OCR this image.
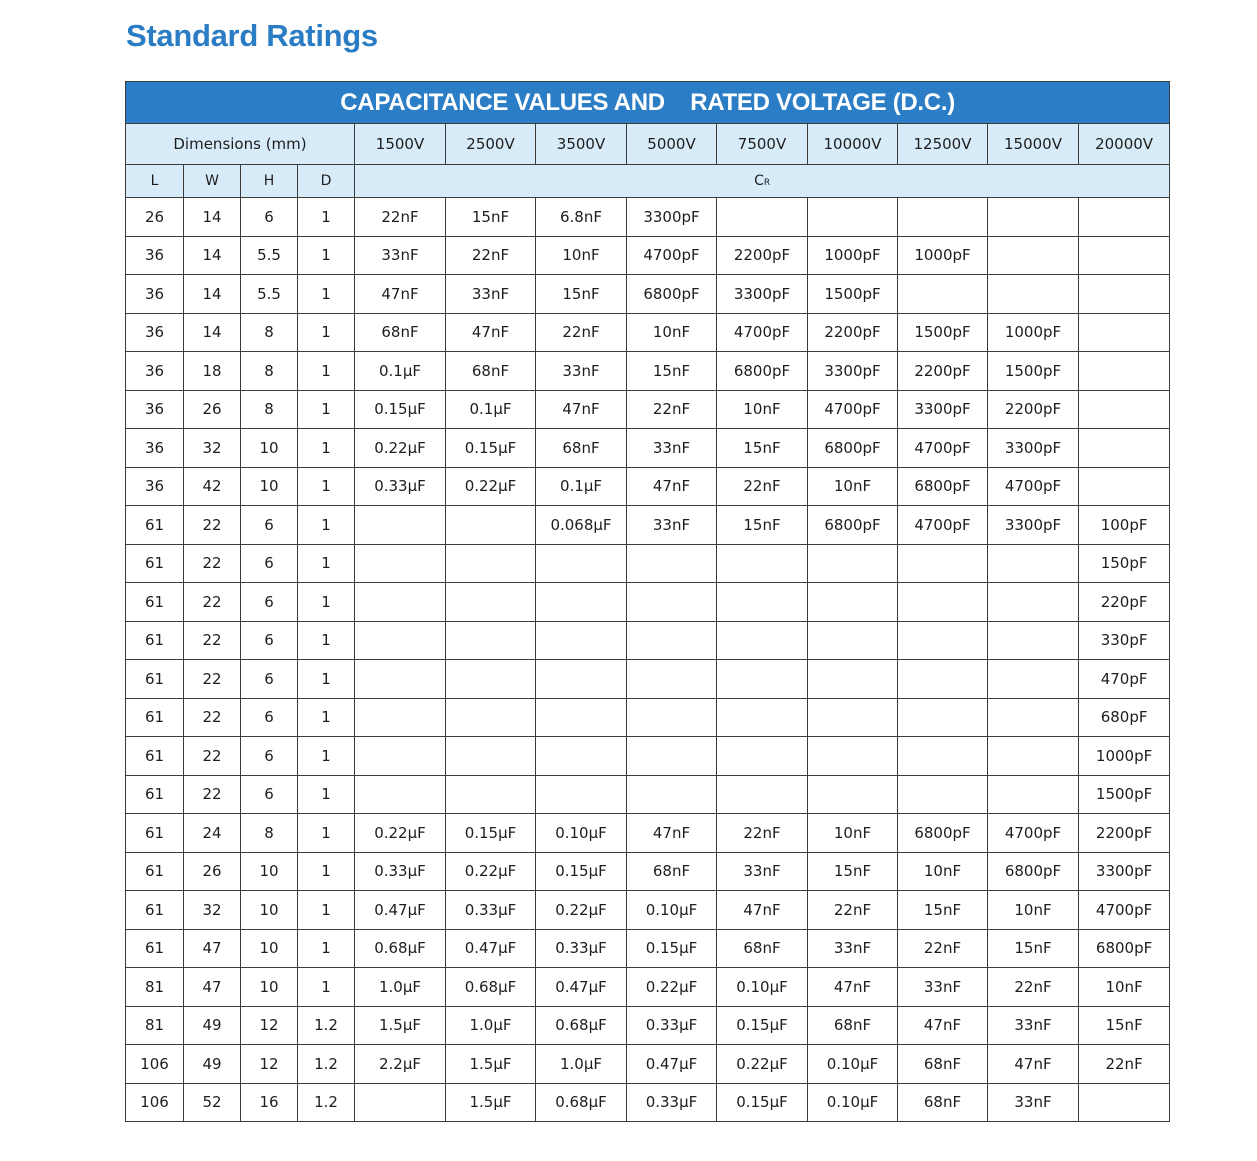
Standard Ratings
CAPACITANCE VALUES AND    RATED VOLTAGE (D.C.)												
Dimensions (mm)				1500V	2500V	3500V	5000V	7500V	10000V	12500V	15000V	20000V
L	W	H	D	CR								
26	14	6	1	22nF	15nF	6.8nF	3300pF					
36	14	5.5	1	33nF	22nF	10nF	4700pF	2200pF	1000pF	1000pF		
36	14	5.5	1	47nF	33nF	15nF	6800pF	3300pF	1500pF			
36	14	8	1	68nF	47nF	22nF	10nF	4700pF	2200pF	1500pF	1000pF	
36	18	8	1	0.1µF	68nF	33nF	15nF	6800pF	3300pF	2200pF	1500pF	
36	26	8	1	0.15µF	0.1µF	47nF	22nF	10nF	4700pF	3300pF	2200pF	
36	32	10	1	0.22µF	0.15µF	68nF	33nF	15nF	6800pF	4700pF	3300pF	
36	42	10	1	0.33µF	0.22µF	0.1µF	47nF	22nF	10nF	6800pF	4700pF	
61	22	6	1			0.068µF	33nF	15nF	6800pF	4700pF	3300pF	100pF
61	22	6	1									150pF
61	22	6	1									220pF
61	22	6	1									330pF
61	22	6	1									470pF
61	22	6	1									680pF
61	22	6	1									1000pF
61	22	6	1									1500pF
61	24	8	1	0.22µF	0.15µF	0.10µF	47nF	22nF	10nF	6800pF	4700pF	2200pF
61	26	10	1	0.33µF	0.22µF	0.15µF	68nF	33nF	15nF	10nF	6800pF	3300pF
61	32	10	1	0.47µF	0.33µF	0.22µF	0.10µF	47nF	22nF	15nF	10nF	4700pF
61	47	10	1	0.68µF	0.47µF	0.33µF	0.15µF	68nF	33nF	22nF	15nF	6800pF
81	47	10	1	1.0µF	0.68µF	0.47µF	0.22µF	0.10µF	47nF	33nF	22nF	10nF
81	49	12	1.2	1.5µF	1.0µF	0.68µF	0.33µF	0.15µF	68nF	47nF	33nF	15nF
106	49	12	1.2	2.2µF	1.5µF	1.0µF	0.47µF	0.22µF	0.10µF	68nF	47nF	22nF
106	52	16	1.2		1.5µF	0.68µF	0.33µF	0.15µF	0.10µF	68nF	33nF	
